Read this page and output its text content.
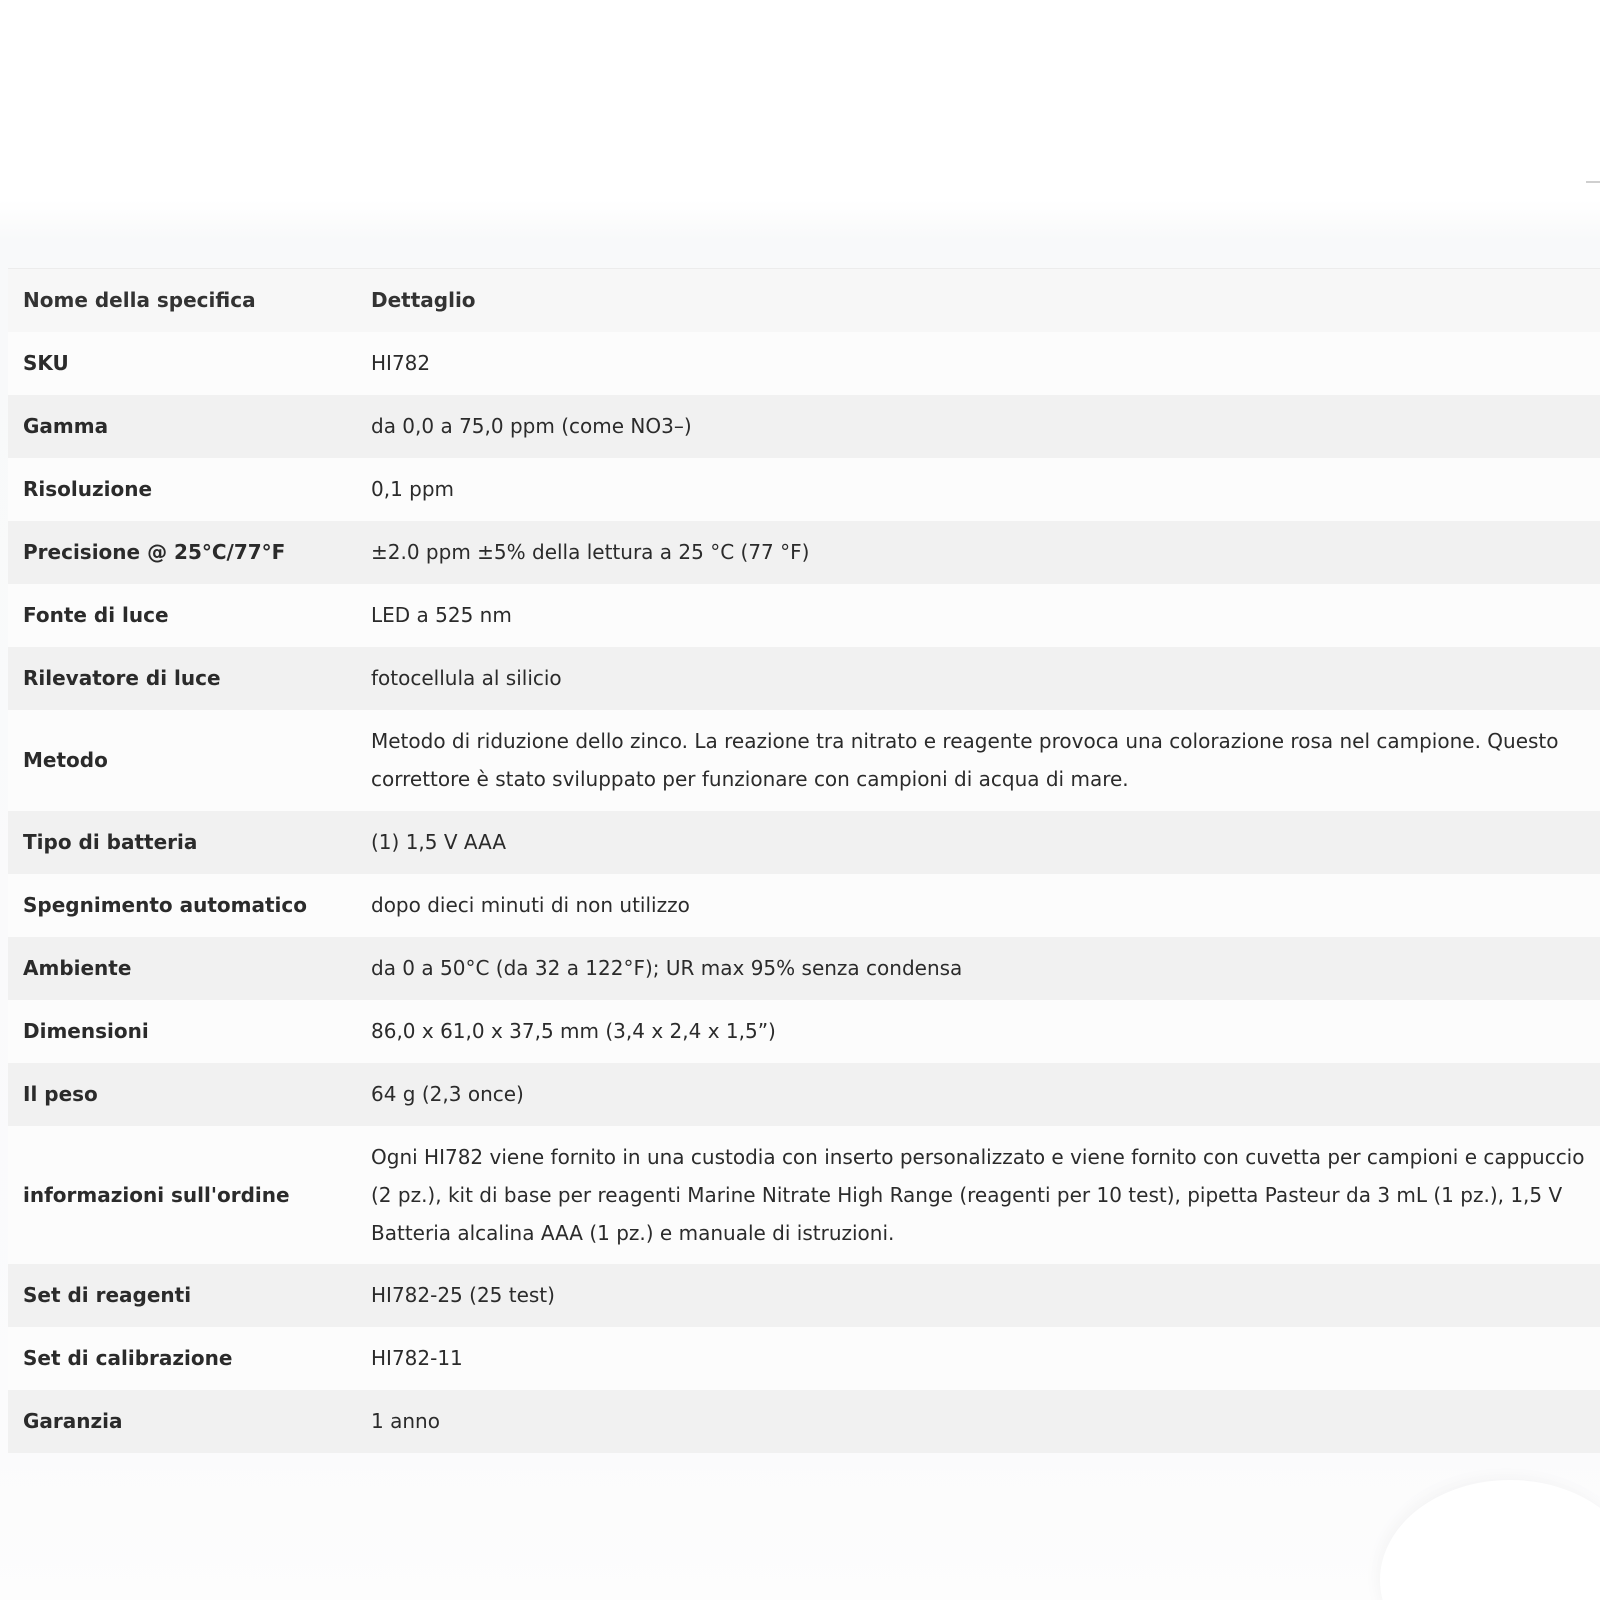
Nome della specifica	Dettaglio
SKU	HI782
Gamma	da 0,0 a 75,0 ppm (come NO3–)
Risoluzione	0,1 ppm
Precisione @ 25°C/77°F	±2.0 ppm ±5% della lettura a 25 °C (77 °F)
Fonte di luce	LED a 525 nm
Rilevatore di luce	fotocellula al silicio
Metodo	Metodo di riduzione dello zinco. La reazione tra nitrato e reagente provoca una colorazione rosa nel campione. Questo correttore è stato sviluppato per funzionare con campioni di acqua di mare.
Tipo di batteria	(1) 1,5 V AAA
Spegnimento automatico	dopo dieci minuti di non utilizzo
Ambiente	da 0 a 50°C (da 32 a 122°F); UR max 95% senza condensa
Dimensioni	86,0 x 61,0 x 37,5 mm (3,4 x 2,4 x 1,5”)
Il peso	64 g (2,3 once)
informazioni sull'ordine	Ogni HI782 viene fornito in una custodia con inserto personalizzato e viene fornito con cuvetta per campioni e cappuccio (2 pz.), kit di base per reagenti Marine Nitrate High Range (reagenti per 10 test), pipetta Pasteur da 3 mL (1 pz.), 1,5 V Batteria alcalina AAA (1 pz.) e manuale di istruzioni.
Set di reagenti	HI782-25 (25 test)
Set di calibrazione	HI782-11
Garanzia	1 anno
